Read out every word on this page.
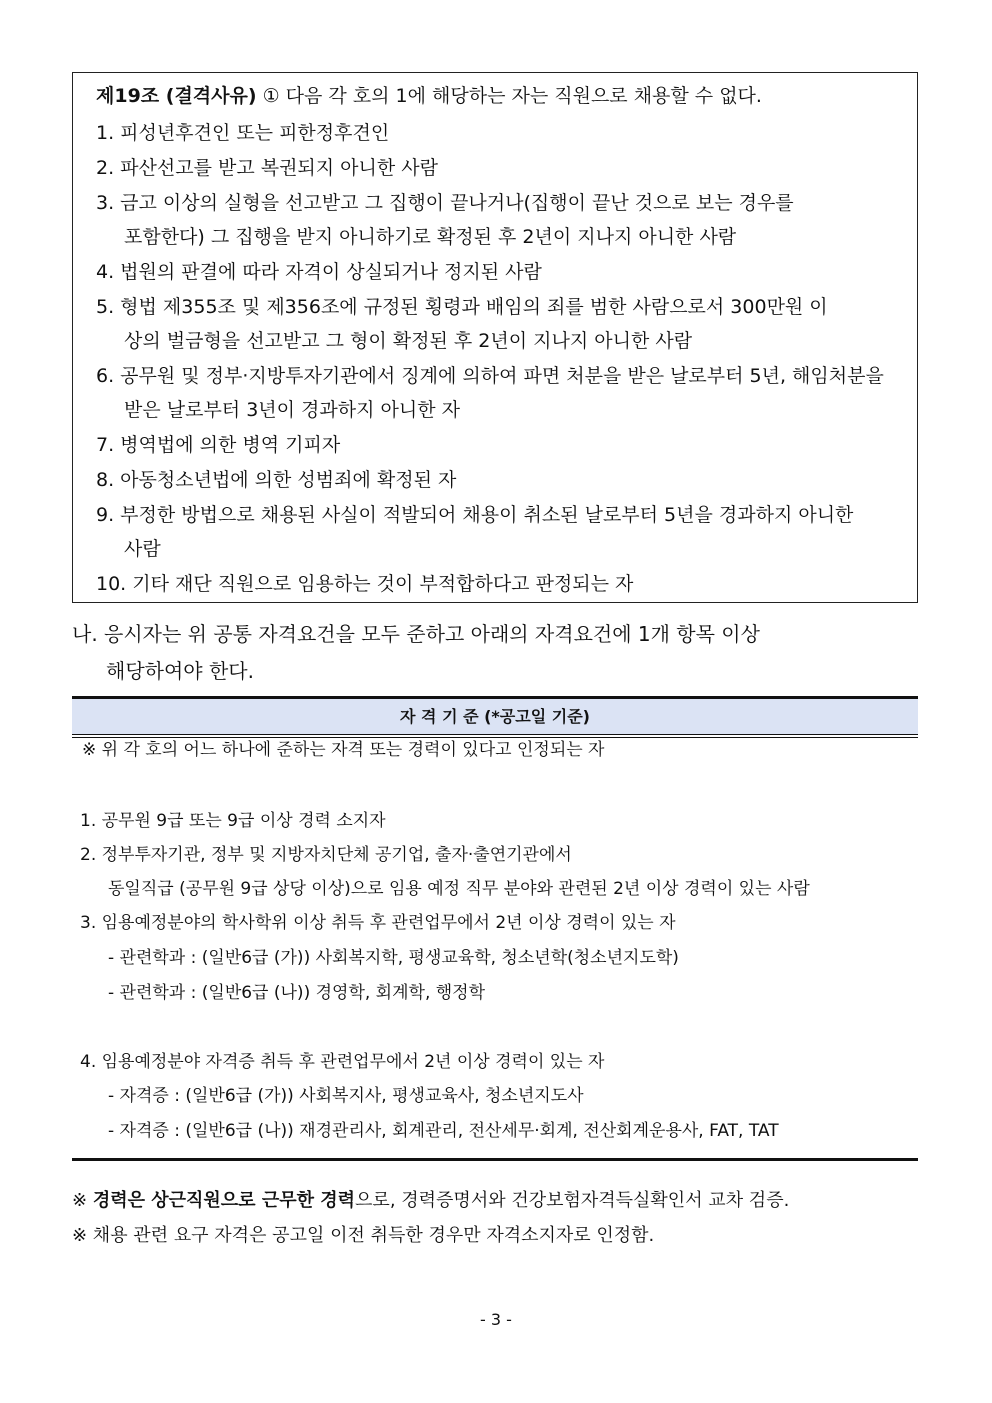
제19조 (결격사유) ① 다음 각 호의 1에 해당하는 자는 직원으로 채용할 수 없다.
1. 피성년후견인 또는 피한정후견인
2. 파산선고를 받고 복권되지 아니한 사람
3. 금고 이상의 실형을 선고받고 그 집행이 끝나거나(집행이 끝난 것으로 보는 경우를
포함한다) 그 집행을 받지 아니하기로 확정된 후 2년이 지나지 아니한 사람
4. 법원의 판결에 따라 자격이 상실되거나 정지된 사람
5. 형법 제355조 및 제356조에 규정된 횡령과 배임의 죄를 범한 사람으로서 300만원 이
상의 벌금형을 선고받고 그 형이 확정된 후 2년이 지나지 아니한 사람
6. 공무원 및 정부·지방투자기관에서 징계에 의하여 파면 처분을 받은 날로부터 5년, 해임처분을
받은 날로부터 3년이 경과하지 아니한 자
7. 병역법에 의한 병역 기피자
8. 아동청소년법에 의한 성범죄에 확정된 자
9. 부정한 방법으로 채용된 사실이 적발되어 채용이 취소된 날로부터 5년을 경과하지 아니한
사람
10. 기타 재단 직원으로 임용하는 것이 부적합하다고 판정되는 자
나. 응시자는 위 공통 자격요건을 모두 준하고 아래의 자격요건에 1개 항목 이상
해당하여야 한다.
자 격 기 준 (*공고일 기준)
※ 위 각 호의 어느 하나에 준하는 자격 또는 경력이 있다고 인정되는 자
1. 공무원 9급 또는 9급 이상 경력 소지자
2. 정부투자기관, 정부 및 지방자치단체 공기업, 출자·출연기관에서
동일직급 (공무원 9급 상당 이상)으로 임용 예정 직무 분야와 관련된 2년 이상 경력이 있는 사람
3. 임용예정분야의 학사학위 이상 취득 후 관련업무에서 2년 이상 경력이 있는 자
- 관련학과 : (일반6급 (가)) 사회복지학, 평생교육학, 청소년학(청소년지도학)
- 관련학과 : (일반6급 (나)) 경영학, 회계학, 행정학
4. 임용예정분야 자격증 취득 후 관련업무에서 2년 이상 경력이 있는 자
- 자격증 : (일반6급 (가)) 사회복지사, 평생교육사, 청소년지도사
- 자격증 : (일반6급 (나)) 재경관리사, 회계관리, 전산세무·회계, 전산회계운용사, FAT, TAT
※ 경력은 상근직원으로 근무한 경력으로, 경력증명서와 건강보험자격득실확인서 교차 검증.
※ 채용 관련 요구 자격은 공고일 이전 취득한 경우만 자격소지자로 인정함.
- 3 -
